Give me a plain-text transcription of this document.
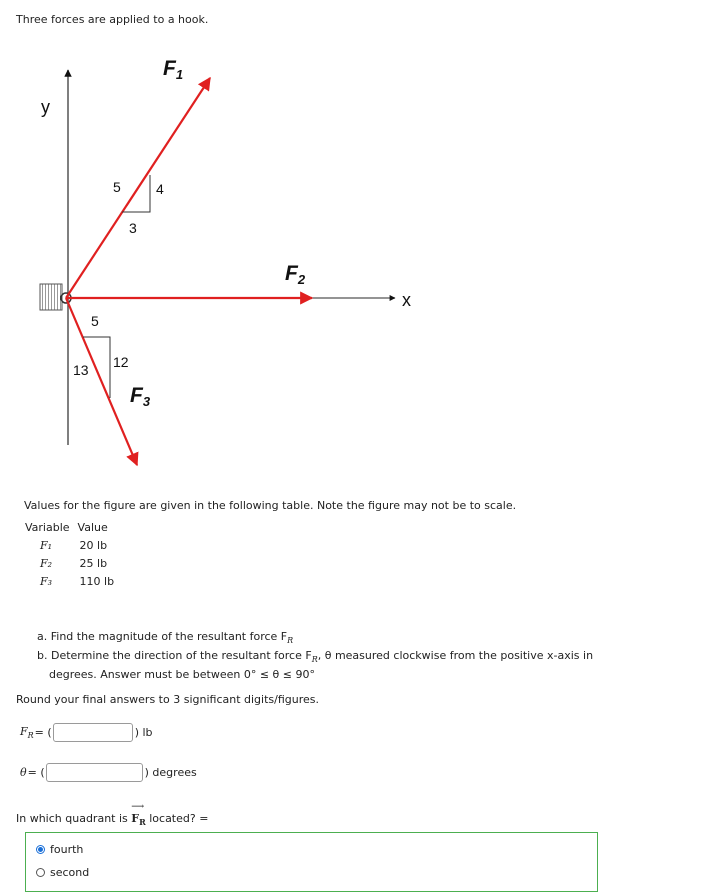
Three forces are applied to a hook.
y
x
F1
5	4
3
F2
F3
5
12
13
Values for the figure are given in the following table. Note the figure may not be to scale.
Variable	Value
F₁	20 lb
F₂	25 lb
F₃	110 lb
a. Find the magnitude of the resultant force $F_R$
b. Determine the direction of the resultant force $F_R$, θ measured clockwise from the positive x-axis in
degrees. Answer must be between 0° ≤ θ ≤ 90°
Round your final answers to 3 significant digits/figures.
$F_R$ = (	) lb
θ = (	) degrees
In which quadrant is ⟶ $F_R$ located? =
fourth
second
